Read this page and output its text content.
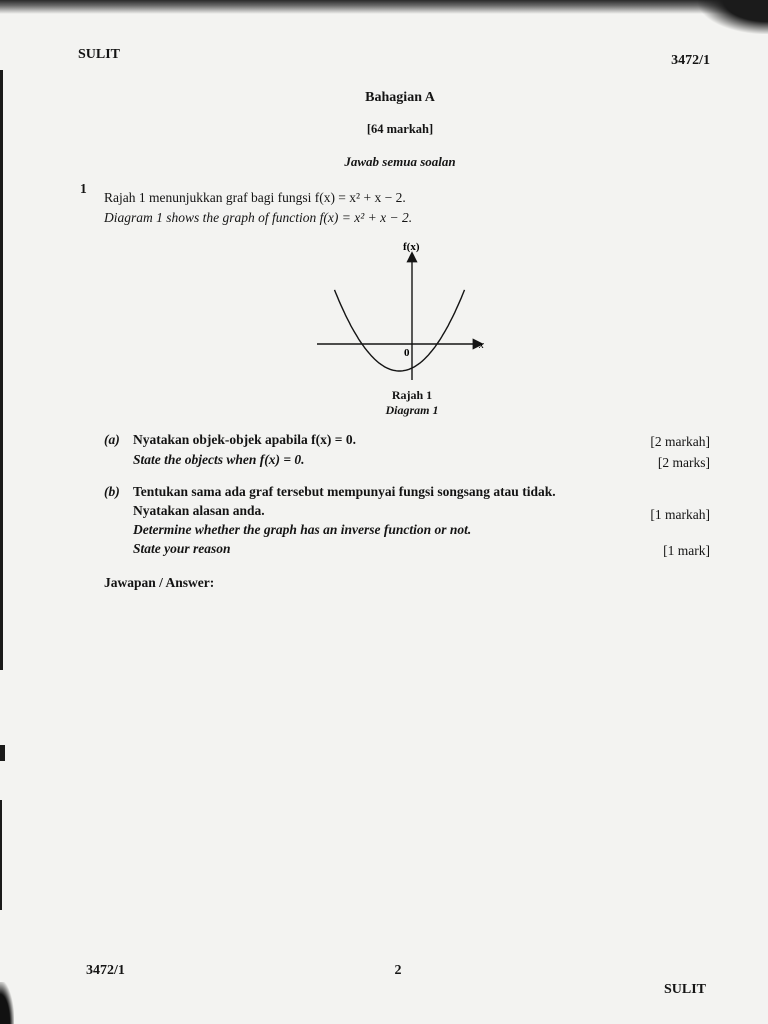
SULIT	3472/1
Bahagian A
[64 markah]
Jawab semua soalan
1
Rajah 1 menunjukkan graf bagi fungsi f(x) = x² + x − 2.
Diagram 1 shows the graph of function f(x) = x² + x − 2.
f(x)
x
0
Rajah 1
Diagram 1
(a) Nyatakan objek-objek apabila f(x) = 0.
State the objects when f(x) = 0.
[2 markah]
[2 marks]
(b) Tentukan sama ada graf tersebut mempunyai fungsi songsang atau tidak.
Nyatakan alasan anda.
Determine whether the graph has an inverse function or not.
State your reason
[1 markah]
[1 mark]
Jawapan / Answer:
3472/1	2
SULIT
